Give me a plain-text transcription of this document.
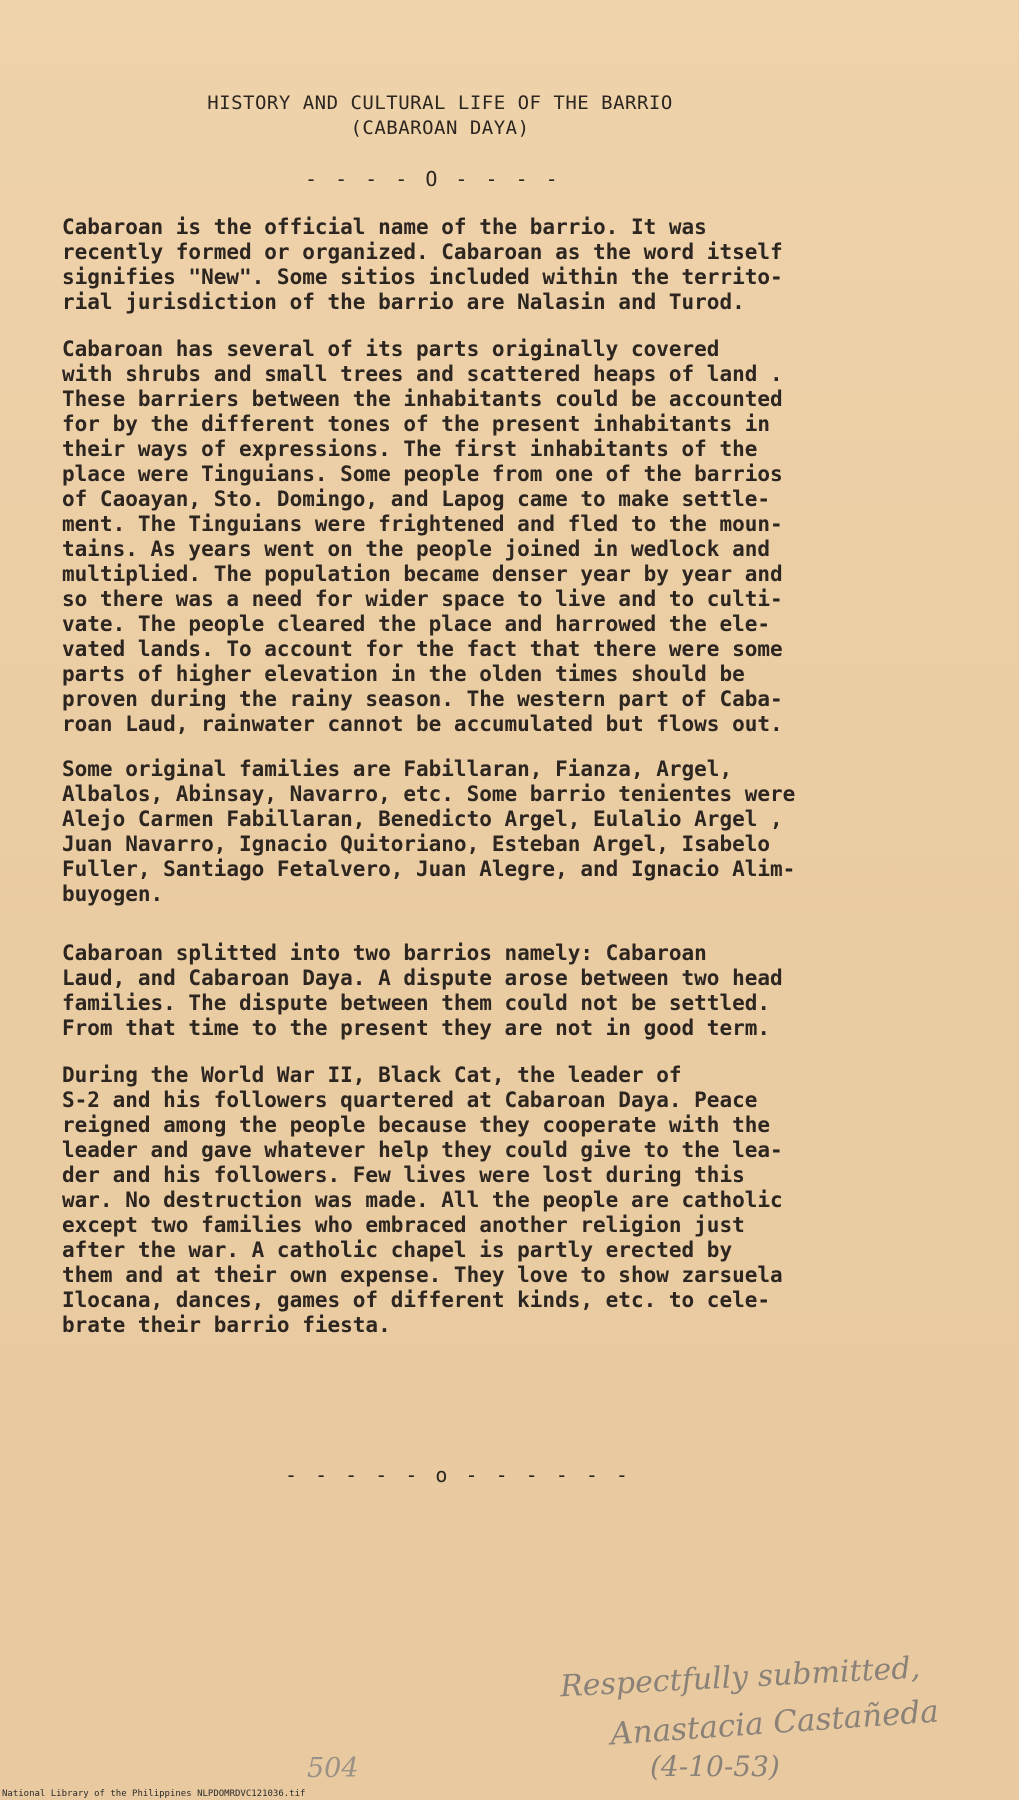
HISTORY AND CULTURAL LIFE OF THE BARRIO
(CABAROAN DAYA)
- - - - O - - - -

Cabaroan is the official name of the barrio. It was
recently formed or organized. Cabaroan as the word itself
signifies "New". Some sitios included within the territo-
rial jurisdiction of the barrio are Nalasin and Turod.

Cabaroan has several of its parts originally covered
with shrubs and small trees and scattered heaps of land .
These barriers between the inhabitants could be accounted
for by the different tones of the present inhabitants in
their ways of expressions. The first inhabitants of the
place were Tinguians. Some people from one of the barrios
of Caoayan, Sto. Domingo, and Lapog came to make settle-
ment. The Tinguians were frightened and fled to the moun-
tains. As years went on the people joined in wedlock and
multiplied. The population became denser year by year and
so there was a need for wider space to live and to culti-
vate. The people cleared the place and harrowed the ele-
vated lands. To account for the fact that there were some
parts of higher elevation in the olden times should be
proven during the rainy season. The western part of Caba-
roan Laud, rainwater cannot be accumulated but flows out.

Some original families are Fabillaran, Fianza, Argel,
Albalos, Abinsay, Navarro, etc. Some barrio tenientes were
Alejo Carmen Fabillaran, Benedicto Argel, Eulalio Argel ,
Juan Navarro, Ignacio Quitoriano, Esteban Argel, Isabelo
Fuller, Santiago Fetalvero, Juan Alegre, and Ignacio Alim-
buyogen.

Cabaroan splitted into two barrios namely: Cabaroan
Laud, and Cabaroan Daya. A dispute arose between two head
families. The dispute between them could not be settled.
From that time to the present they are not in good term.

During the World War II, Black Cat, the leader of
S-2 and his followers quartered at Cabaroan Daya. Peace
reigned among the people because they cooperate with the
leader and gave whatever help they could give to the lea-
der and his followers. Few lives were lost during this
war. No destruction was made. All the people are catholic
except two families who embraced another religion just
after the war. A catholic chapel is partly erected by
them and at their own expense. They love to show zarsuela
Ilocana, dances, games of different kinds, etc. to cele-
brate their barrio fiesta.

- - - - - o - - - - - -
Respectfully submitted,
Anastacia Castañeda
(4-10-53)
504
National Library of the Philippines NLPDOMRDVC121036.tif
